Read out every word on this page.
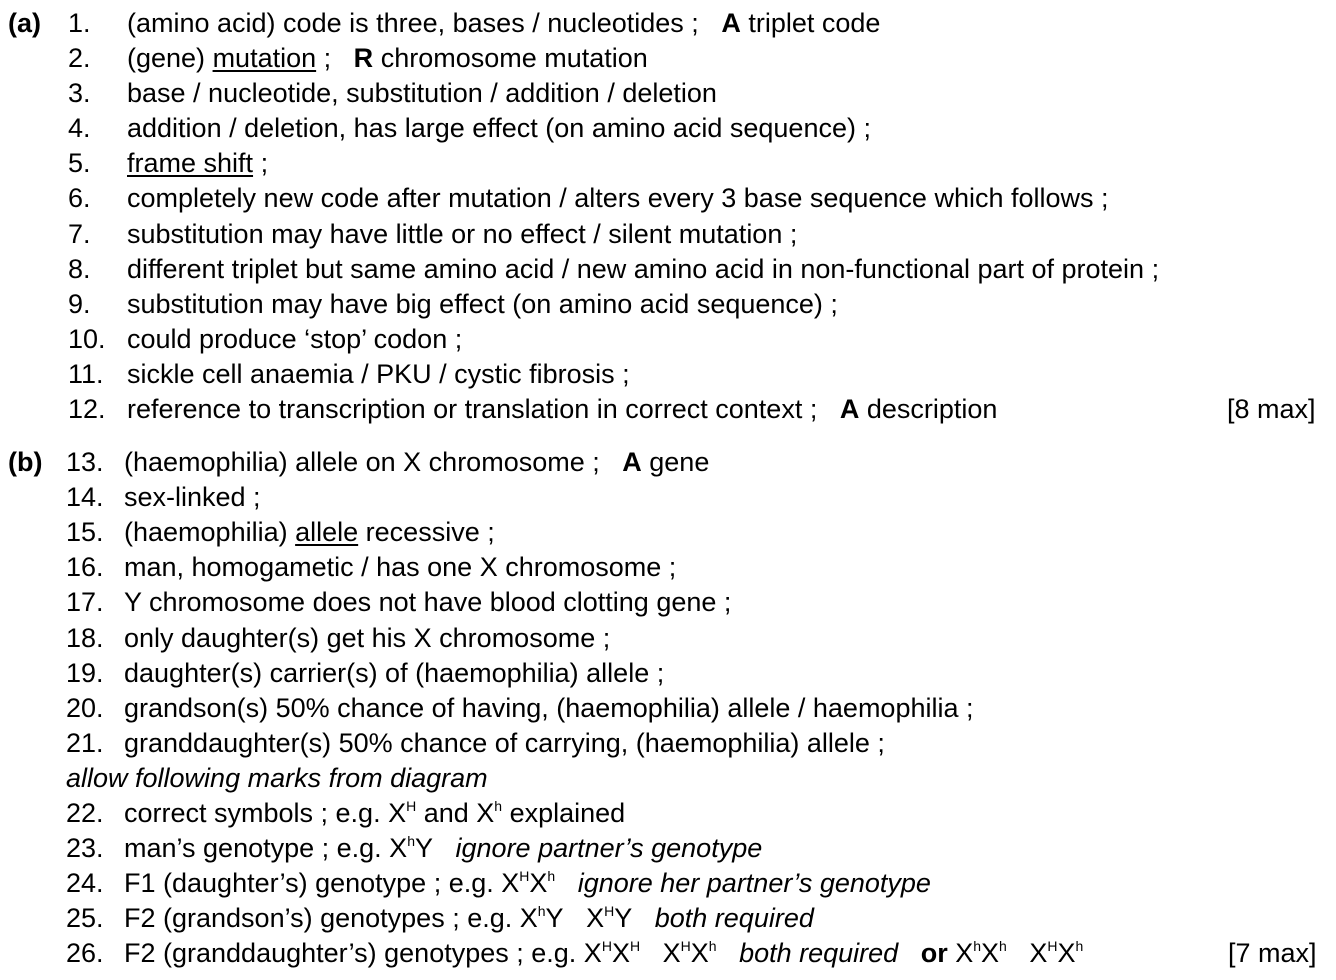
(a) 1. (amino acid) code is three, bases / nucleotides ; A triplet code
2. (gene) mutation ; R chromosome mutation
3. base / nucleotide, substitution / addition / deletion
4. addition / deletion, has large effect (on amino acid sequence) ;
5. frame shift ;
6. completely new code after mutation / alters every 3 base sequence which follows ;
7. substitution may have little or no effect / silent mutation ;
8. different triplet but same amino acid / new amino acid in non-functional part of protein ;
9. substitution may have big effect (on amino acid sequence) ;
10. could produce ‘stop’ codon ;
11. sickle cell anaemia / PKU / cystic fibrosis ;
12. reference to transcription or translation in correct context ; A description	[8 max]
(b) 13. (haemophilia) allele on X chromosome ; A gene
14. sex-linked ;
15. (haemophilia) allele recessive ;
16. man, homogametic / has one X chromosome ;
17. Y chromosome does not have blood clotting gene ;
18. only daughter(s) get his X chromosome ;
19. daughter(s) carrier(s) of (haemophilia) allele ;
20. grandson(s) 50% chance of having, (haemophilia) allele / haemophilia ;
21. granddaughter(s) 50% chance of carrying, (haemophilia) allele ;
allow following marks from diagram
22. correct symbols ; e.g. $X^H$ and $X^h$ explained
23. man’s genotype ; e.g. $X^hY$ ignore partner’s genotype
24. F1 (daughter’s) genotype ; e.g. $X^HX^h$ ignore her partner’s genotype
25. F2 (grandson’s) genotypes ; e.g. $X^hY$ $X^HY$ both required
26. F2 (granddaughter’s) genotypes ; e.g. $X^HX^H$ $X^HX^h$ both required or $X^hX^h$ $X^HX^h$	[7 max]
